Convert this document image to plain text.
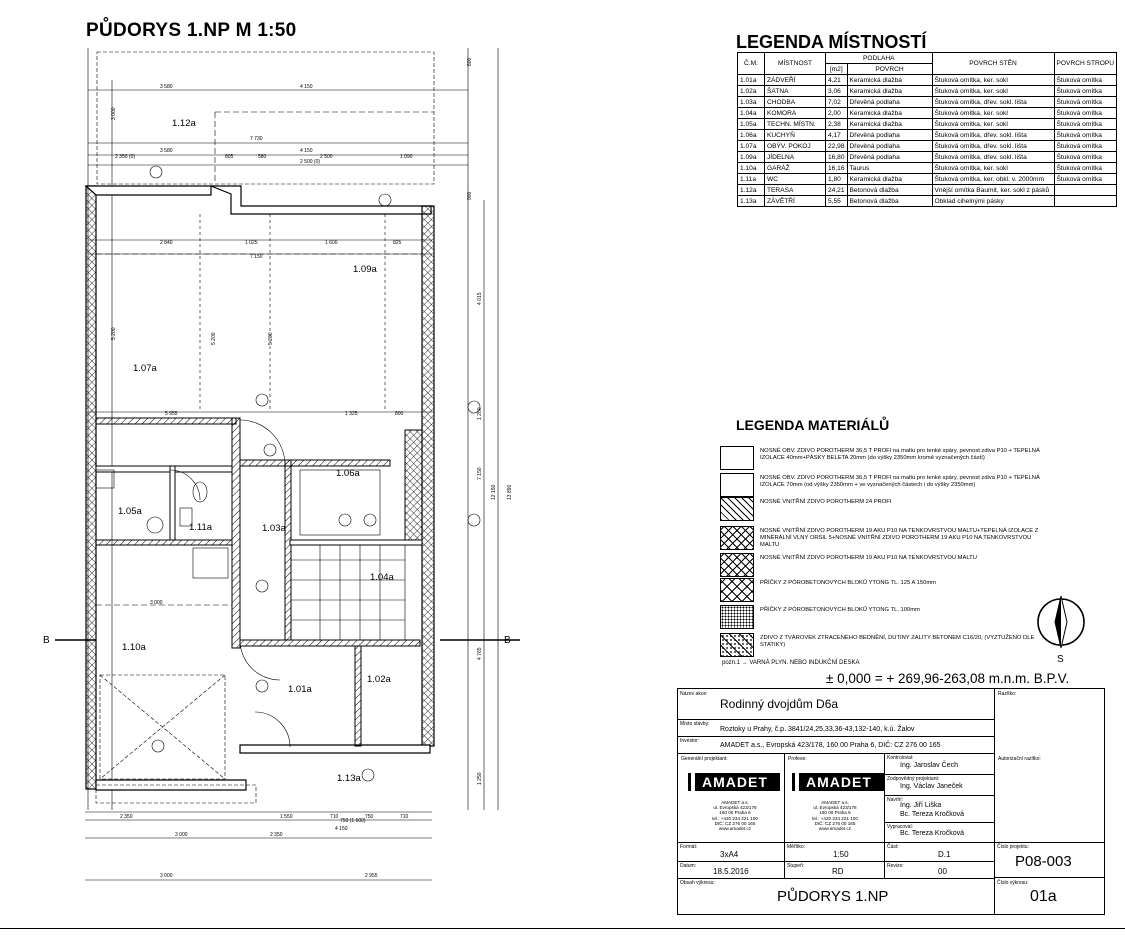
PŮDORYS 1.NP M 1:50
1.12a
1.09a
1.07a
1.06a
1.05a
1.03a
1.11a
1.04a
1.10a
1.01a
1.02a
1.13a
3 580	4 150
7 730
3 580	4 150
2 350 (0)	805	580	2 500	1 090
2 500 (0)
2 840	1 025	1 600	825
7 150
5 955	1 325	800
3 000
2 350	1 550	710	750	710
3 000	2 350
4 150
750 (1 600)
3 000	2 955
4 015
1 200
7 150
4 765
1 250
12 150 13 890
600
900
5 200	5 200	5 200
3 000
B	B
LEGENDA MÍSTNOSTÍ
Č.M.	MÍSTNOST	PODLAHA		POVRCH STĚN	POVRCH STROPU
		[m2]	POVRCH		
1.01a	ZÁDVEŘÍ	4,21	Keramická dlažba	Štuková omítka, ker. sokl	Štuková omítka
1.02a	ŠATNA	3,06	Keramická dlažba	Štuková omítka, ker. sokl	Štuková omítka
1.03a	CHODBA	7,02	Dřevěná podlaha	Štuková omítka, dřev. sokl. lišta	Štuková omítka
1.04a	KOMORA	2,00	Keramická dlažba	Štuková omítka, ker. sokl	Štuková omítka
1.05a	TECHN. MÍSTN.	2,38	Keramická dlažba	Štuková omítka, ker. sokl	Štuková omítka
1.06a	KUCHYŇ	4,17	Dřevěná podlaha	Štuková omítka, dřev. sokl. lišta	Štuková omítka
1.07a	OBÝV. POKOJ	22,98	Dřevěná podlaha	Štuková omítka, dřev. sokl. lišta	Štuková omítka
1.09a	JÍDELNA	16,80	Dřevěná podlaha	Štuková omítka, dřev. sokl. lišta	Štuková omítka
1.10a	GARÁŽ	16,16	Taurus	Štuková omítka, ker. sokl	Štuková omítka
1.11a	WC	1,80	Keramická dlažba	Štuková omítka, ker. obkl. v. 2000mm	Štuková omítka
1.12a	TERASA	24,21	Betonová dlažba	Vnější omítka Baumit, ker. sokl z pásků	
1.13a	ZÁVĚTŘÍ	5,55	Betonová dlažba	Obklad cihelnými pásky	
LEGENDA MATERIÁLŮ
NOSNÉ OBV. ZDIVO POROTHERM 36,5 T PROFI na maltu pro tenké spáry, pevnost zdiva P10 + TEPELNÁ IZOLACE 40mm+PÁSKY BELETA 20mm (do výšky 2350mm kromě vyznačených částí)
NOSNÉ OBV. ZDIVO POROTHERM 36,5 T PROFI na maltu pro tenké spáry, pevnost zdiva P10 + TEPELNÁ IZOLACE 70mm (od výšky 2350mm + ve vyznačených částech i do výšky 2350mm)
NOSNÉ VNITŘNÍ ZDIVO POROTHERM 24 PROFI
NOSNÉ VNITŘNÍ ZDIVO POROTHERM 19 AKU P10 NA TENKOVRSTVOU MALTU+TEPELNÁ IZOLACE Z MINERÁLNÍ VLNY ORSIL 5+NOSNÉ VNITŘNÍ ZDIVO POROTHERM 19 AKU P10 NA TENKOVRSTVOU MALTU
NOSNÉ VNITŘNÍ ZDIVO POROTHERM 19 AKU P10 NA TENKOVRSTVOU MALTU
PŘÍČKY Z PÓROBETONOVÝCH BLOKŮ YTONG TL. 125 A 150mm
PŘÍČKY Z PÓROBETONOVÝCH BLOKŮ YTONG TL. 100mm
ZDIVO Z TVÁROVEK ZTRACENÉHO BEDNĚNÍ, DUTINY ZALITY BETONEM C16/20, (VYZTUŽENO DLE STATIKY)
pozn.1 → VARNÁ PLYN. NEBO INDUKČNÍ DESKA
± 0,000 = + 269,96-263,08 m.n.m. B.P.V.
S
Název akce:
Rodinný dvojdům D6a
Razítko:
Místo stavby:
Roztoky u Prahy, č.p. 3841/24,25,33,36-43,132-140, k.ú. Žalov
Investor:
AMADET a.s., Evropská 423/178, 160 00 Praha 6, DIČ: CZ 276 00 165
Generální projektant:	Profese:
AMADET	AMADET
AMADET a.s.
ul. Evropská 423/178
160 00 Praha 6
tel.: +420 234 221 100
DIČ: CZ 276 00 165
www.amadet.cz
AMADET a.s.
ul. Evropská 423/178
160 00 Praha 6
tel.: +420 234 221 100
DIČ: CZ 276 00 165
www.amadet.cz
Kontroloval:
Ing. Jaroslav Čech
Zodpovědný projektant:
Ing. Václav Janeček
Navrhl:
Ing. Jiří Liška
Bc. Tereza Kročková
Vypracoval:
Bc. Tereza Kročková
Autorizační razítko:
Formát:
3xA4
Měřítko:
1:50
Část:
D.1
Číslo projektu:
P08-003
Datum:
18.5.2016
Stupeň:
RD
Revize:
00
Obsah výkresu:
PŮDORYS 1.NP
Číslo výkresu:
01a
